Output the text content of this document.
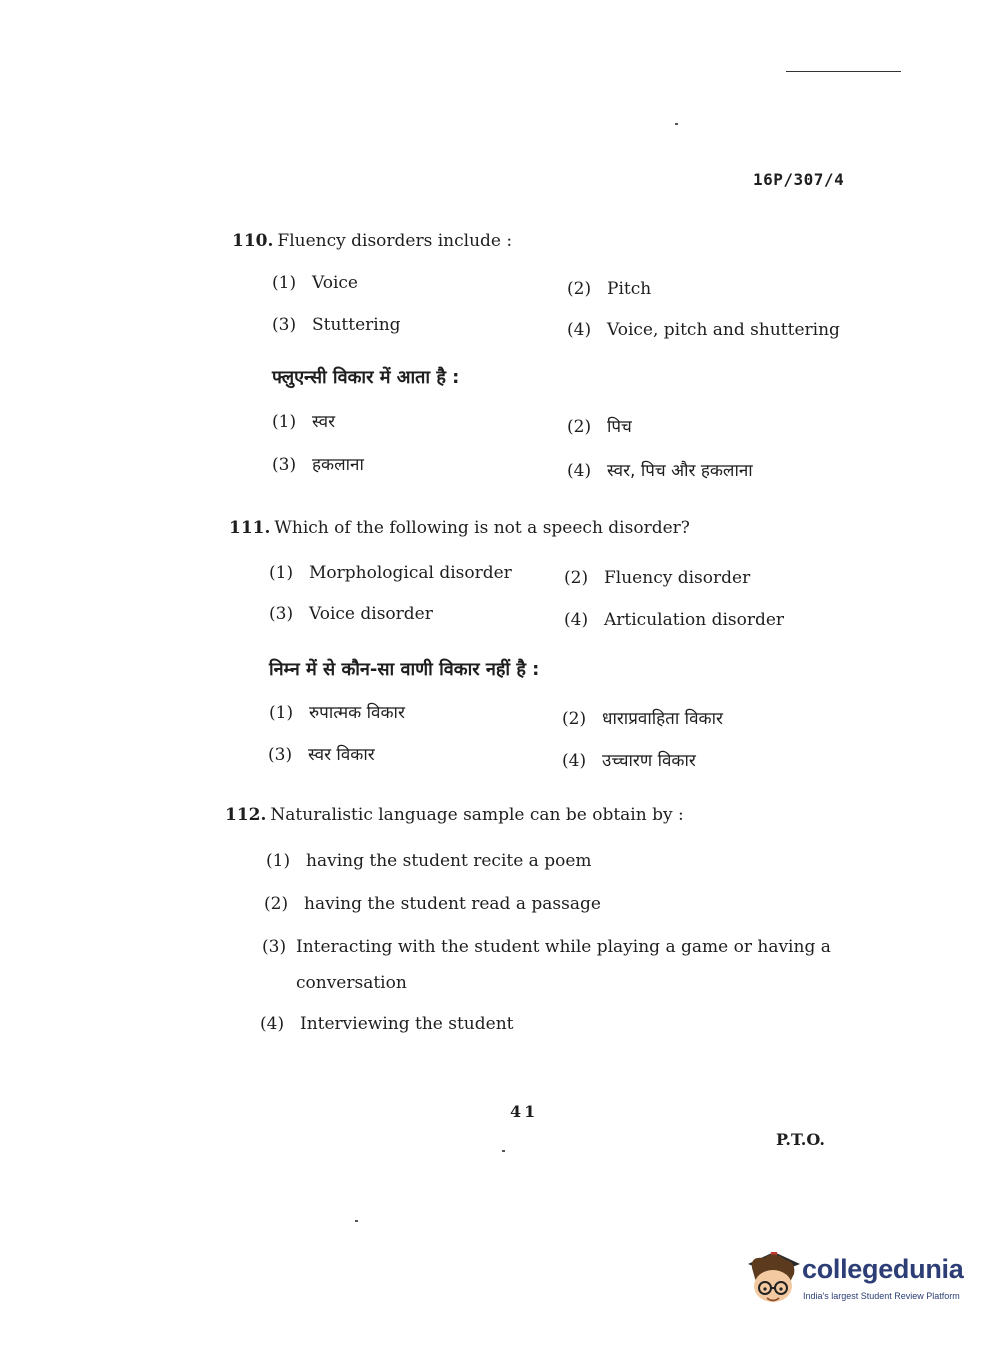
16P/307/4
110. Fluency disorders include :
(1) Voice	(2) Pitch
(3) Stuttering	(4) Voice, pitch and shuttering
फ्लुएन्सी विकार में आता है :
(1) स्वर	(2) पिच
(3) हकलाना	(4) स्वर, पिच और हकलाना
111. Which of the following is not a speech disorder?
(1) Morphological disorder	(2) Fluency disorder
(3) Voice disorder	(4) Articulation disorder
निम्न में से कौन-सा वाणी विकार नहीं है :
(1) रुपात्मक विकार	(2) धाराप्रवाहिता विकार
(3) स्वर विकार	(4) उच्चारण विकार
112. Naturalistic language sample can be obtain by :
(1) having the student recite a poem
(2) having the student read a passage
(3) Interacting with the student while playing a game or having a
conversation
(4) Interviewing the student
41
P.T.O.
collegedunia
India's largest Student Review Platform
